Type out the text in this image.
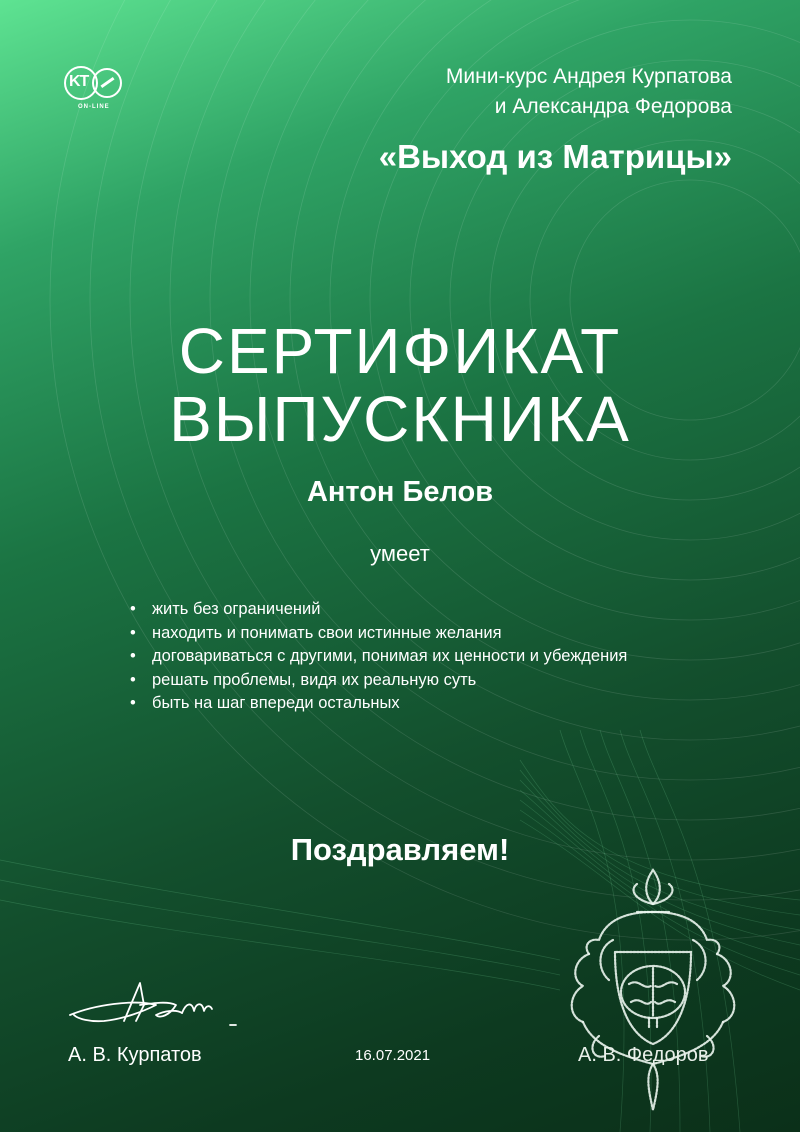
KT
ON-LINE
Мини-курс Андрея Курпатова
и Александра Федорова
«Выход из Матрицы»
СЕРТИФИКАТ
ВЫПУСКНИКА
Антон Белов
умеет
• жить без ограничений
• находить и понимать свои истинные желания
• договариваться с другими, понимая их ценности и убеждения
• решать проблемы, видя их реальную суть
• быть на шаг впереди остальных
Поздравляем!
А. В. Курпатов	16.07.2021	А. В. Федоров
